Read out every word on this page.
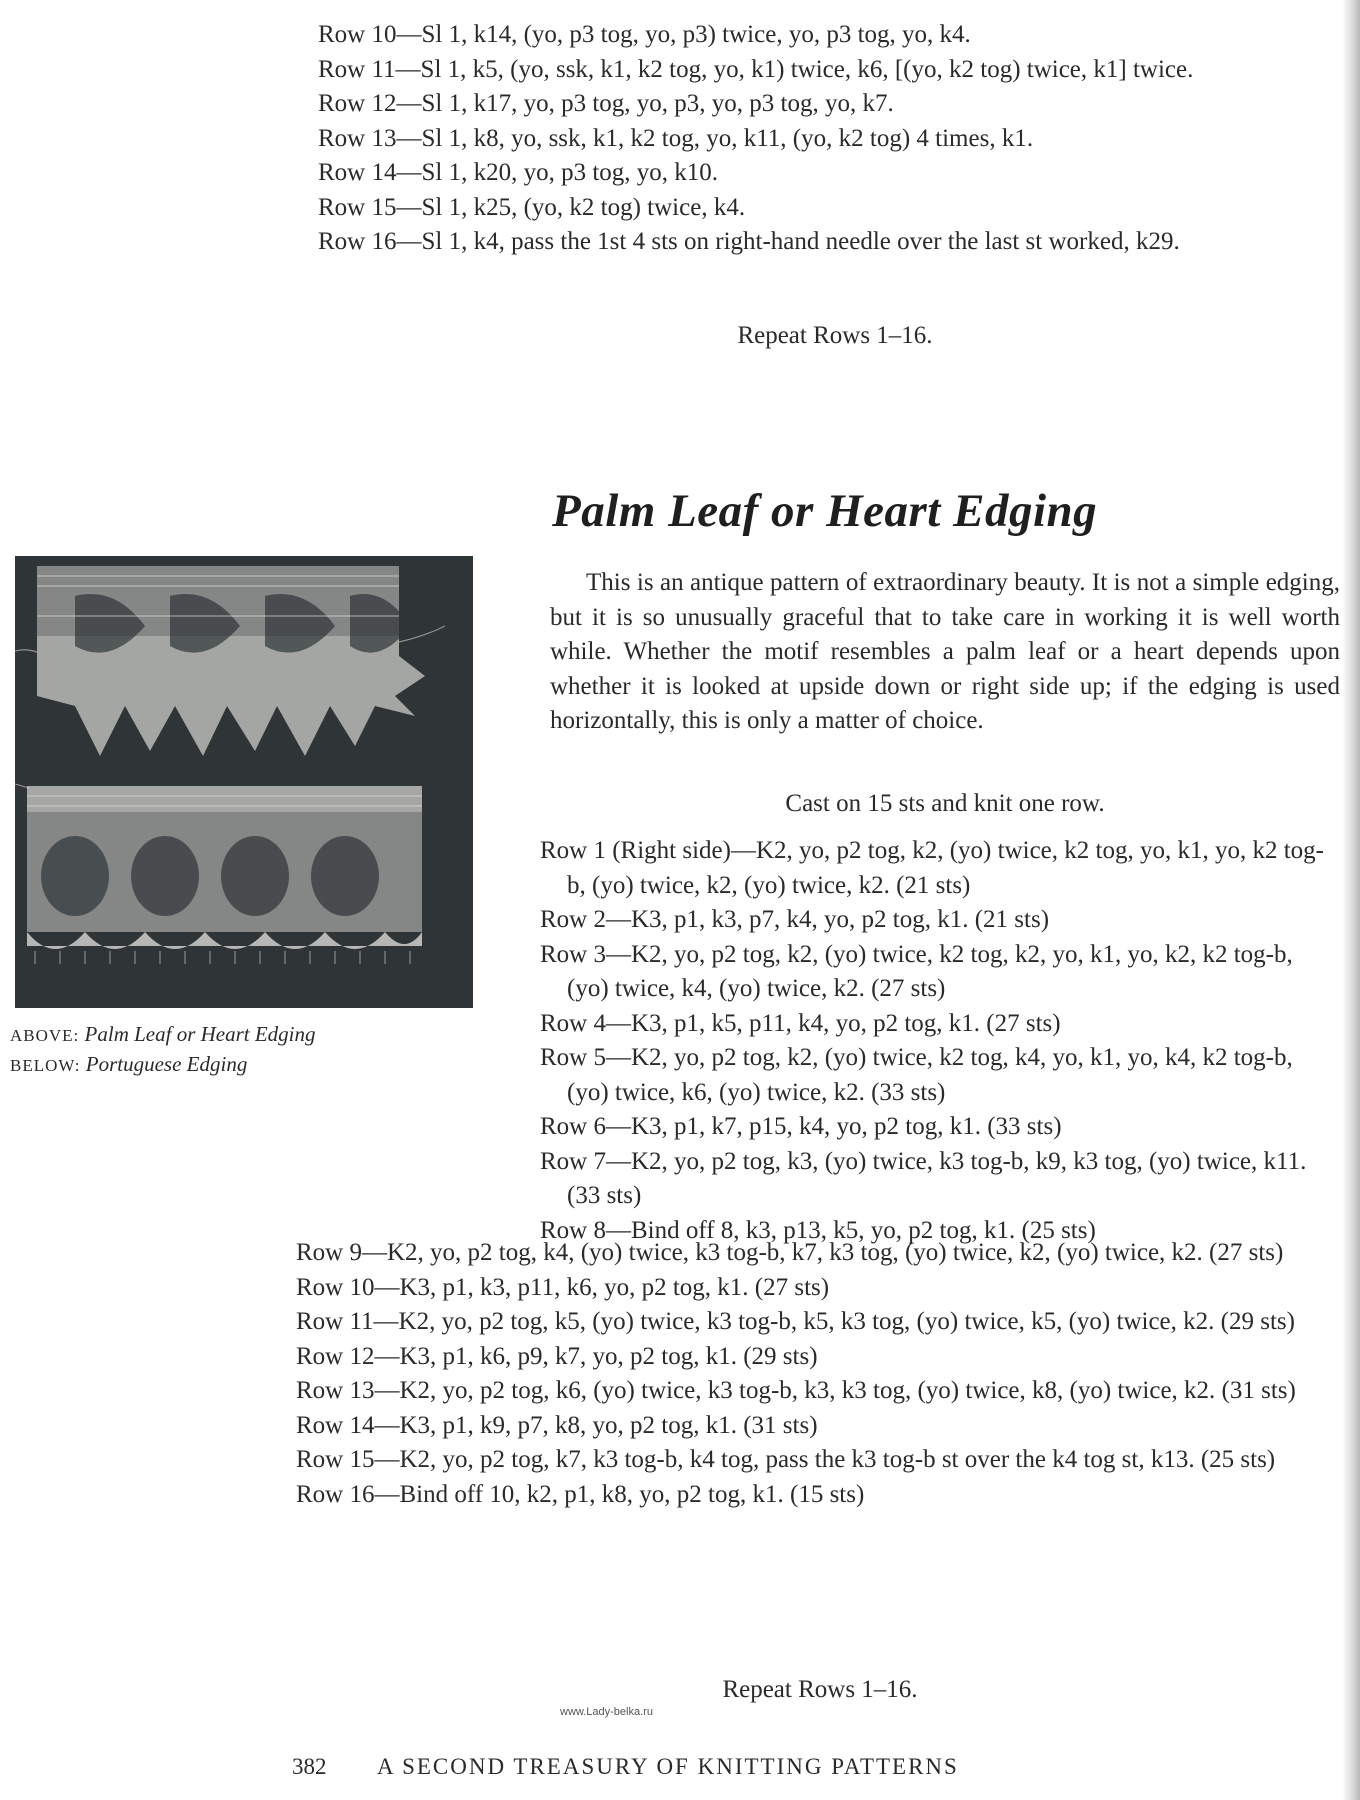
Row 10—Sl 1, k14, (yo, p3 tog, yo, p3) twice, yo, p3 tog, yo, k4.
Row 11—Sl 1, k5, (yo, ssk, k1, k2 tog, yo, k1) twice, k6, [(yo, k2 tog) twice, k1] twice.
Row 12—Sl 1, k17, yo, p3 tog, yo, p3, yo, p3 tog, yo, k7.
Row 13—Sl 1, k8, yo, ssk, k1, k2 tog, yo, k11, (yo, k2 tog) 4 times, k1.
Row 14—Sl 1, k20, yo, p3 tog, yo, k10.
Row 15—Sl 1, k25, (yo, k2 tog) twice, k4.
Row 16—Sl 1, k4, pass the 1st 4 sts on right-hand needle over the last st worked, k29.
Repeat Rows 1–16.
ABOVE: Palm Leaf or Heart Edging
BELOW: Portuguese Edging
Palm Leaf or Heart Edging

This is an antique pattern of extraordinary beauty. It is not a simple edging, but it is so unusually graceful that to take care in working it is well worth while. Whether the motif resembles a palm leaf or a heart depends upon whether it is looked at upside down or right side up; if the edging is used horizontally, this is only a matter of choice.

Cast on 15 sts and knit one row.
Row 1 (Right side)—K2, yo, p2 tog, k2, (yo) twice, k2 tog, yo, k1, yo, k2 tog-b, (yo) twice, k2, (yo) twice, k2. (21 sts)
Row 2—K3, p1, k3, p7, k4, yo, p2 tog, k1. (21 sts)
Row 3—K2, yo, p2 tog, k2, (yo) twice, k2 tog, k2, yo, k1, yo, k2, k2 tog-b, (yo) twice, k4, (yo) twice, k2. (27 sts)
Row 4—K3, p1, k5, p11, k4, yo, p2 tog, k1. (27 sts)
Row 5—K2, yo, p2 tog, k2, (yo) twice, k2 tog, k4, yo, k1, yo, k4, k2 tog-b, (yo) twice, k6, (yo) twice, k2. (33 sts)
Row 6—K3, p1, k7, p15, k4, yo, p2 tog, k1. (33 sts)
Row 7—K2, yo, p2 tog, k3, (yo) twice, k3 tog-b, k9, k3 tog, (yo) twice, k11. (33 sts)
Row 8—Bind off 8, k3, p13, k5, yo, p2 tog, k1. (25 sts)
Row 9—K2, yo, p2 tog, k4, (yo) twice, k3 tog-b, k7, k3 tog, (yo) twice, k2, (yo) twice, k2. (27 sts)
Row 10—K3, p1, k3, p11, k6, yo, p2 tog, k1. (27 sts)
Row 11—K2, yo, p2 tog, k5, (yo) twice, k3 tog-b, k5, k3 tog, (yo) twice, k5, (yo) twice, k2. (29 sts)
Row 12—K3, p1, k6, p9, k7, yo, p2 tog, k1. (29 sts)
Row 13—K2, yo, p2 tog, k6, (yo) twice, k3 tog-b, k3, k3 tog, (yo) twice, k8, (yo) twice, k2. (31 sts)
Row 14—K3, p1, k9, p7, k8, yo, p2 tog, k1. (31 sts)
Row 15—K2, yo, p2 tog, k7, k3 tog-b, k4 tog, pass the k3 tog-b st over the k4 tog st, k13. (25 sts)
Row 16—Bind off 10, k2, p1, k8, yo, p2 tog, k1. (15 sts)
Repeat Rows 1–16.
www.Lady-belka.ru
382 A SECOND TREASURY OF KNITTING PATTERNS
